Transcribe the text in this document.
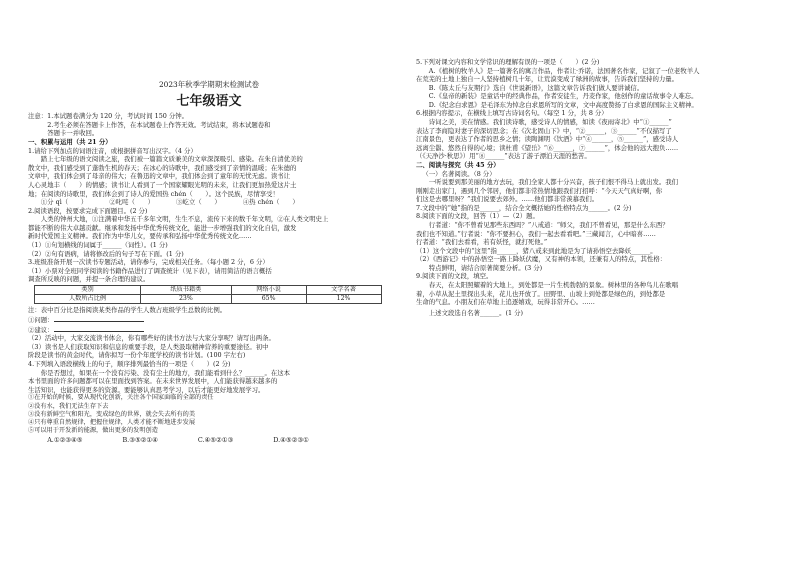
2023年秋季学期期末检测试卷
七年级语文

注意：1.本试题卷满分为 120 分，考试时间 150 分钟。

2.考生必须在答题卡上作答，在本试题卷上作答无效。考试结束，将本试题卷和

答题卡一并收回。

一、积累与运用（共 21 分）

1.请给下列加点的词语注音，或根据拼音写出汉字。（4 分）

踏上七年级的语文阅读之旅，我们被一篇篇文质兼美的文章深深吸引、感染。在朱自清优美的

散文中，我们感受到了蓬勃生机的春天；在冰心的诗歌中，我们感受到了亲情的温暖；在朱德的

文章中，我们体会到了母亲的伟大；在鲁迅的文章中，我们体会到了童年的无忧无虑。读书让

人心灵地丰（　　）的情感；读书让人看到了一个国家耀眼光明的未来，让我们更加热爱这片土

地；在阅读的诗歌里，我们体会到了诗人的爱国热 chén（　　）。这个民族，尽情享受！

①分 qì（　　）	②叱咤（　　）	③屹立（　　）	④热 chén（　　）

2.阅读语段，按要求完成下面题目。(2 分)

人类的钟州大地，①注满着中华五千多年文明，生生不息，流传下来的数千年文明，②在人类文明史上

都能不断的伟大卓越贡献。继承和发扬中华优秀传统文化，能进一步增强我们的文化自信，激发

新时代爱国主义精神。我们作为中华儿女，要传承和弘扬中华优秀传统文化……

（1）①句划横线的词属于______（词性）。(1 分)

（2）②句有语病，请将修改后的句子写在下面。(1 分)

3.班级准备开展一次读书专题活动，请你参与，完成相关任务。（每小题 2 分，6 分）

（1）小票对全班同学阅读的书籍作品进行了调查统计（见下表），请用简洁的语言概括

调查所反映的问题，并提一条合理的建议。

类别	纸质书籍类	网络小说	文学名著
人数所占比例	23%	65%	12%

注：表中百分比是指阅读某类作品的学生人数占班级学生总数的比例。

①问题：

②建议：

（2）活动中，大家交流读书体会，你有哪些好的读书方法与大家分享呢？请写出两条。

（3）读书是人们获取知识和信息的重要手段，是人类汲取精神营养的重要途径。初中

阶段是读书的黄金时代，请你拟写一份个年度学校的读书计划。(100 字左右)

4.下列填入语段横线上的句子，顺序排列最恰当的一项是（　　）(2 分)

你是否想过，如果在一个没有污染、没有尘土的地方，我们能看到什么？______。在这本

本书里面的许多问题都可以在里面找到答案。在未来世界发展中，人们能获得越来越多的

生活知识，也能获得更多的资源。要能够认真思考学习，以后才能更好地发展学习。

①在开始的时候，要从现代化创新，关注各个国家面临的全部的责任

②没有水，我们无法生存下去

③没有新鲜空气和阳光，变成绿色的世界，就会失去所有的美

④只有尊重自然规律，把握住规律，人类才能不断地进步发展

⑤可以用于开发新的能源，做出更多的发明创造

A.①②③④⑤	B.③⑤②①④	C.④⑤②①③	D.④⑤②③①

5.下列对课文内容和文学常识的理解有误的一项是（　　）(2 分)

A.《植树的牧羊人》是一篇著名的寓言作品，作者让·乔诺，法国著名作家，记叙了一位老牧羊人

在荒芜的土地上独自一人坚持植树几十年，让荒漠变成了绿洲的故事，告诉我们坚持的力量。

B.《陈太丘与友期行》选自《世说新语》，这篇文章告诉我们做人要讲诚信。

C.《皇帝的新装》是童话中的经典作品，作者安徒生，丹麦作家，他创作的童话故事令人难忘。

D.《纪念白求恩》是毛泽东为悼念白求恩所写的文章，文中高度赞扬了白求恩的国际主义精神。

6.根据内容提示，在横线上填写古诗词名句。（每空 1 分，共 8 分）

诗词之美，美在情感。我们读诗歌，感受诗人的情感，如读《夜雨寄北》中“①______”

表达了李商隐对妻子的深切思念；在《次北固山下》中，“②______，③______”不仅描写了

江南景色，更表达了作者的思乡之情；读陶渊明《饮酒》中“④______，⑤______”，感受诗人

远离尘嚣、悠然自得的心境；读杜甫《望岳》“⑥______，⑦______”，体会他的远大抱负……

（《天净沙·秋思》）用“⑧______”表达了游子漂泊天涯的愁苦。

二、阅读与探究（共 45 分）

（一）名著阅读。（8 分）

一听说要到那美丽的地方去玩，我们全家人都十分兴奋，孩子们恨不得马上就出发。我们

刚刚走出家门，遇到几个邻居，他们都非常热情地跟我们打招呼：“今天天气真好啊，你

们这是去哪里呀？”我们说要去郊外。……他们都非常羡慕我们。

7.文段中的“她”指的是______，结合全文概括她的性格特点为______。(2 分)

8.阅读下面的文段，回答（1）—（2）题。

行者道：“你不曾看见那些东西吗？”八戒道：“师父，我们不曾看见，那是什么东西？

我们也不知道。”行者说：“你不要担心，我们一起去看看吧。”三藏闻言，心中暗喜……

行者道：“我们去看看，若有妖怪，就打死他。”

（1）这个文段中的“这里”指______，猪八戒来到此地是为了请孙悟空去降妖______。

（2）《西游记》中的孙悟空一路上降妖伏魔，又有神的本领，还兼有人的特点，其性格：

特点鲜明，请结合原著简要分析。(3 分)

9.阅读下面的文段，填空。

春天，在太阳照耀着的大地上，到处都是一片生机勃勃的景象。树林里的各种鸟儿在歌唱

着，小草从泥土里探出头来，花儿也开放了。田野里、山坡上到处都是绿色的，到处都是

生命的气息。小朋友们在草地上追逐嬉戏，玩得非常开心。……

上述文段选自名著______。(1 分)
